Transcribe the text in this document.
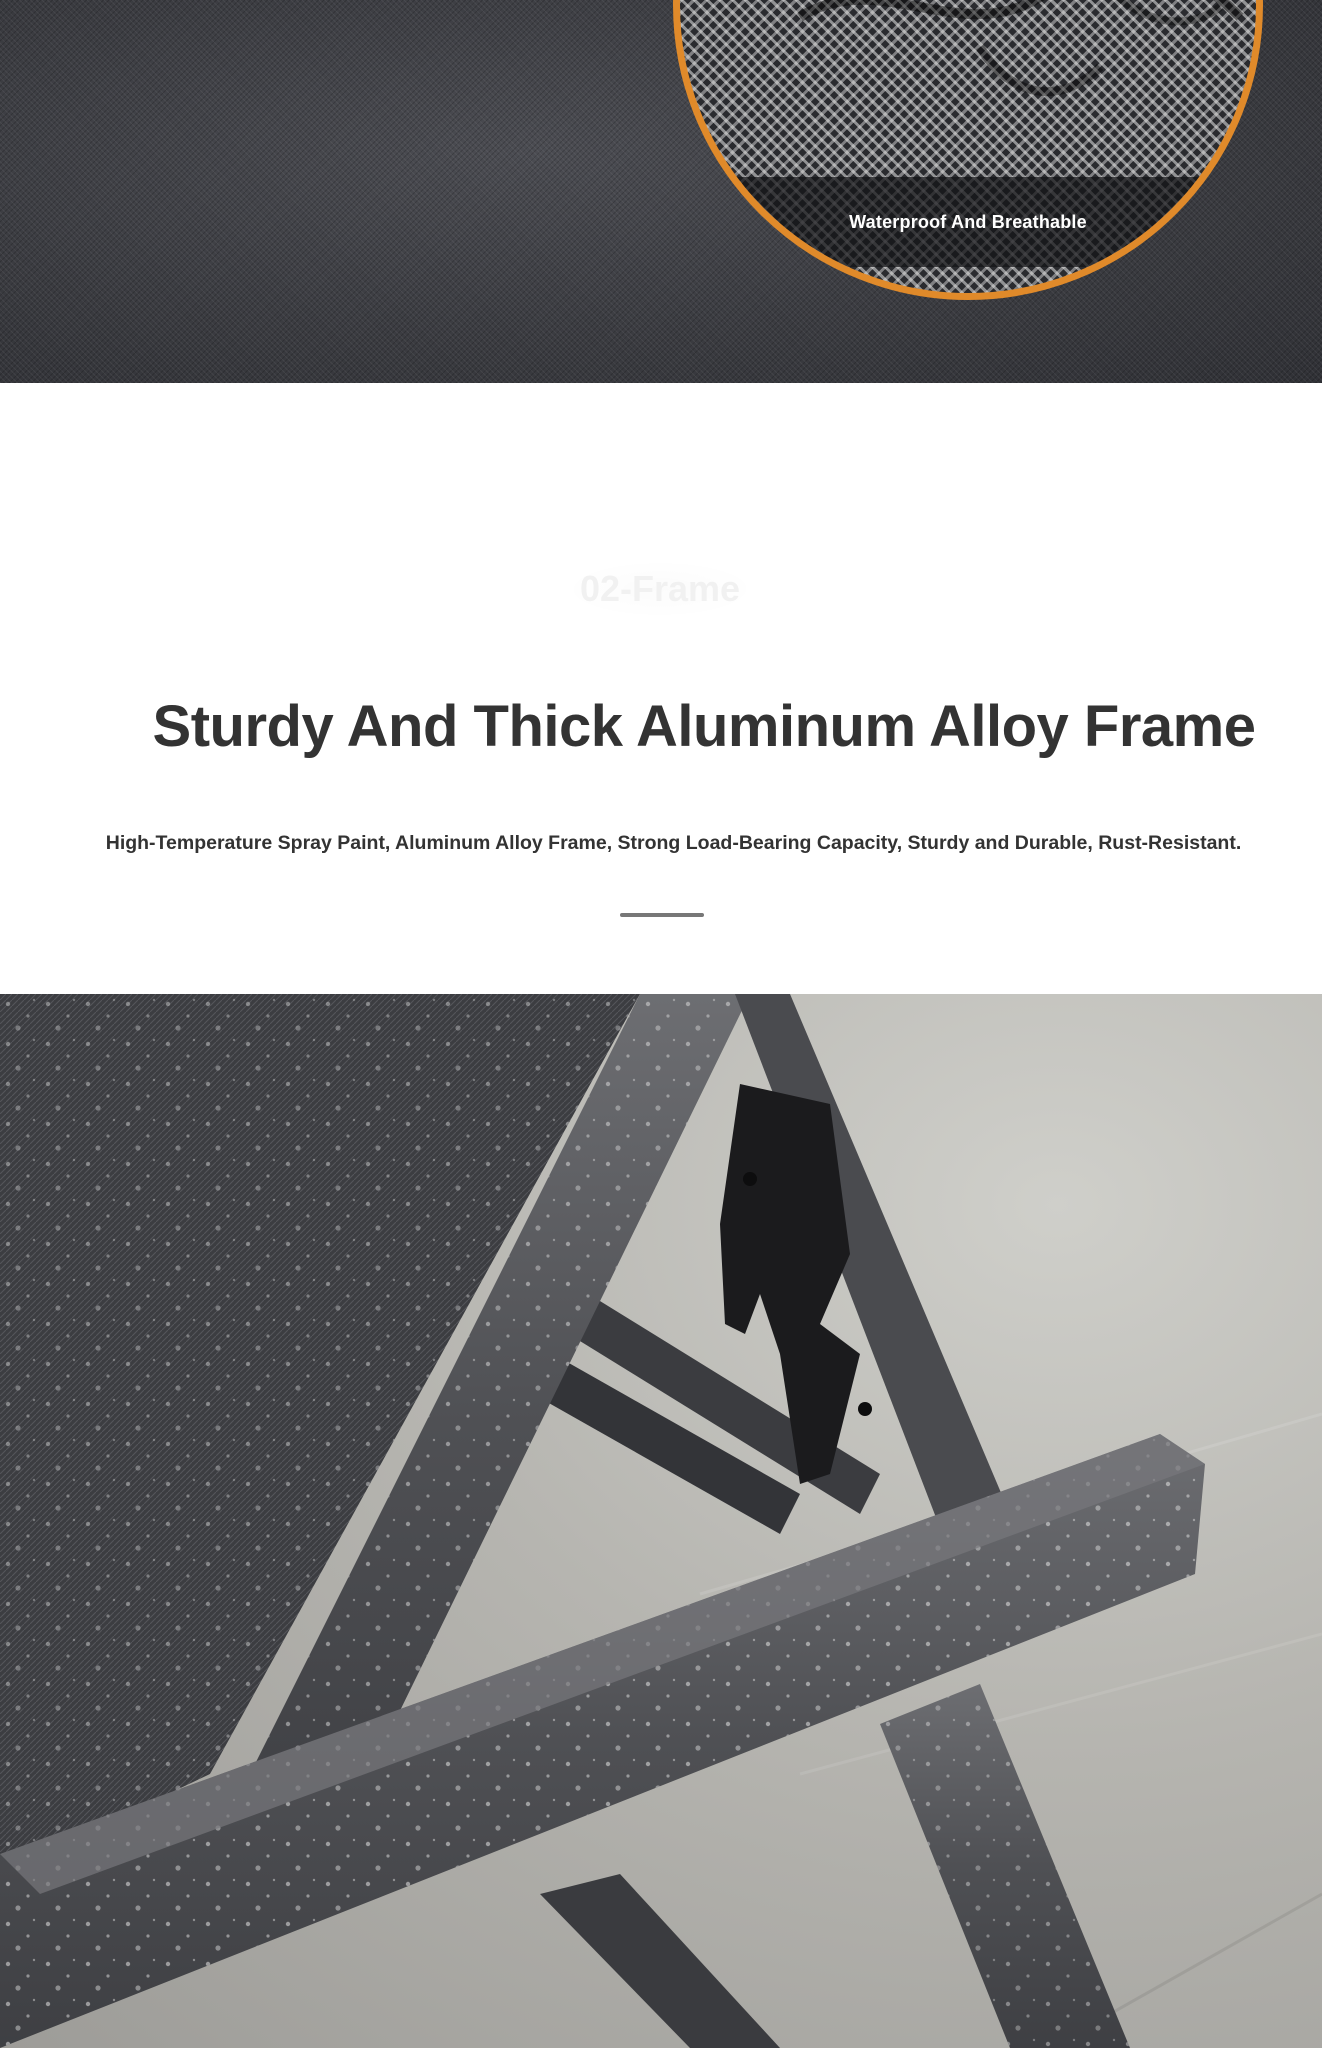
Waterproof And Breathable
02-Frame
Sturdy And Thick Aluminum Alloy Frame

High-Temperature Spray Paint, Aluminum Alloy Frame, Strong Load-Bearing Capacity, Sturdy and Durable, Rust-Resistant.
